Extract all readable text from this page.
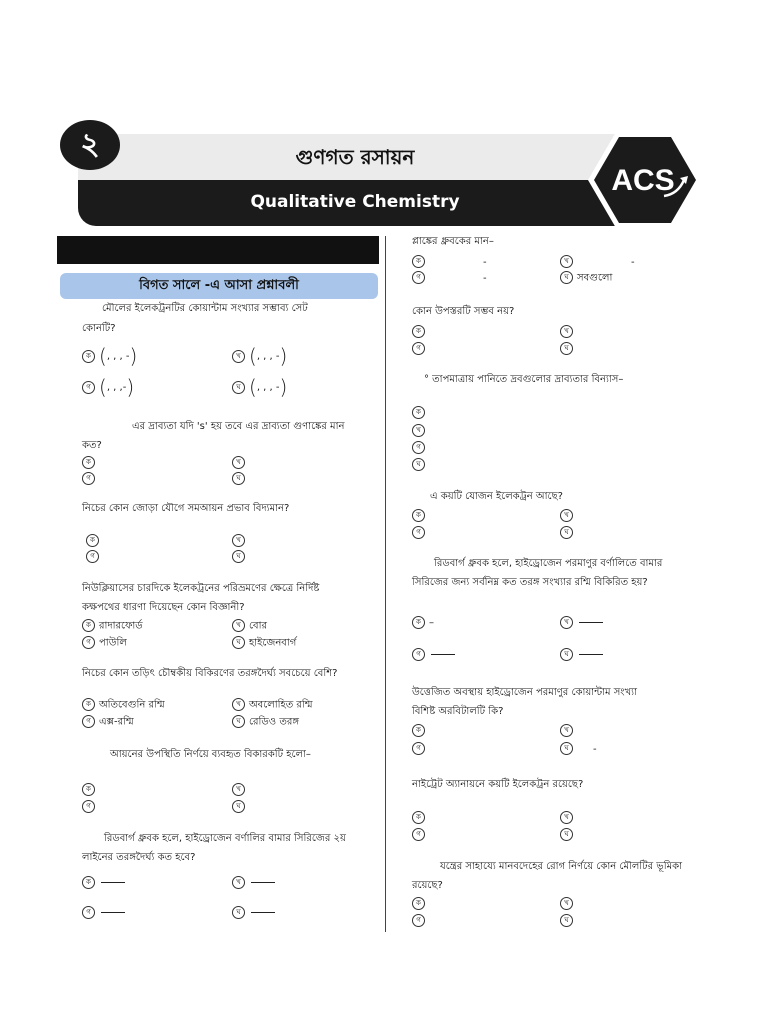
২	গুণগত রসায়ন
Qualitative Chemistry
ACS
বিগত সালে -এ আসা প্রশ্নাবলী
মৌলের ইলেকট্রনটির কোয়ান্টাম সংখ্যার সম্ভাব্য সেট
কোনটি?
ক (, , , -)	খ (, , , -)
গ (, , ,-)	ঘ (, , , -)
এর দ্রাব্যতা যদি 's' হয় তবে এর দ্রাব্যতা গুণাঙ্কের মান
কত?
ক	খ
গ	ঘ
নিচের কোন জোড়া যৌগে সমআয়ন প্রভাব বিদ্যমান?
ক	খ
গ	ঘ
নিউক্লিয়াসের চারদিকে ইলেকট্রনের পরিভ্রমণের ক্ষেত্রে নির্দিষ্ট
কক্ষপথের ধারণা দিয়েছেন কোন বিজ্ঞানী?
ক রাদারফোর্ড	খ বোর
গ পাউলি	ঘ হাইজেনবার্গ
নিচের কোন তড়িৎ চৌম্বকীয় বিকিরণের তরঙ্গদৈর্ঘ্য সবচেয়ে বেশি?
ক অতিবেগুনি রশ্মি	খ অবলোহিত রশ্মি
গ এক্স-রশ্মি	ঘ রেডিও তরঙ্গ
আয়নের উপস্থিতি নির্ণয়ে ব্যবহৃত বিকারকটি হলো–
ক	খ
গ	ঘ
রিডবার্গ ধ্রুবক হলে, হাইড্রোজেন বর্ণালির বামার সিরিজের ২য়
লাইনের তরঙ্গদৈর্ঘ্য কত হবে?
ক	খ
গ	ঘ
প্লাঙ্কের ধ্রুবকের মান–
ক	-	খ	-
গ	-	ঘ সবগুলো
কোন উপস্তরটি সম্ভব নয়?
ক	খ
গ	ঘ
° তাপমাত্রায় পানিতে দ্রবগুলোর দ্রাব্যতার বিন্যাস–
ক
খ
গ
ঘ
এ কয়টি যোজন ইলেকট্রন আছে?
ক	খ
গ	ঘ
রিডবার্গ ধ্রুবক হলে, হাইড্রোজেন পরমাণুর বর্ণালিতে বামার
সিরিজের জন্য সর্বনিম্ন কত তরঙ্গ সংখ্যার রশ্মি বিকিরিত হয়?
ক –	খ
গ	ঘ
উত্তেজিত অবস্থায় হাইড্রোজেন পরমাণুর কোয়ান্টাম সংখ্যা
বিশিষ্ট অরবিটালটি কি?
ক	খ
গ	ঘ -
নাইট্রেট অ্যানায়নে কয়টি ইলেকট্রন রয়েছে?
ক	খ
গ	ঘ
যন্ত্রের সাহায্যে মানবদেহের রোগ নির্ণয়ে কোন মৌলটির ভূমিকা
রয়েছে?
ক	খ
গ	ঘ
